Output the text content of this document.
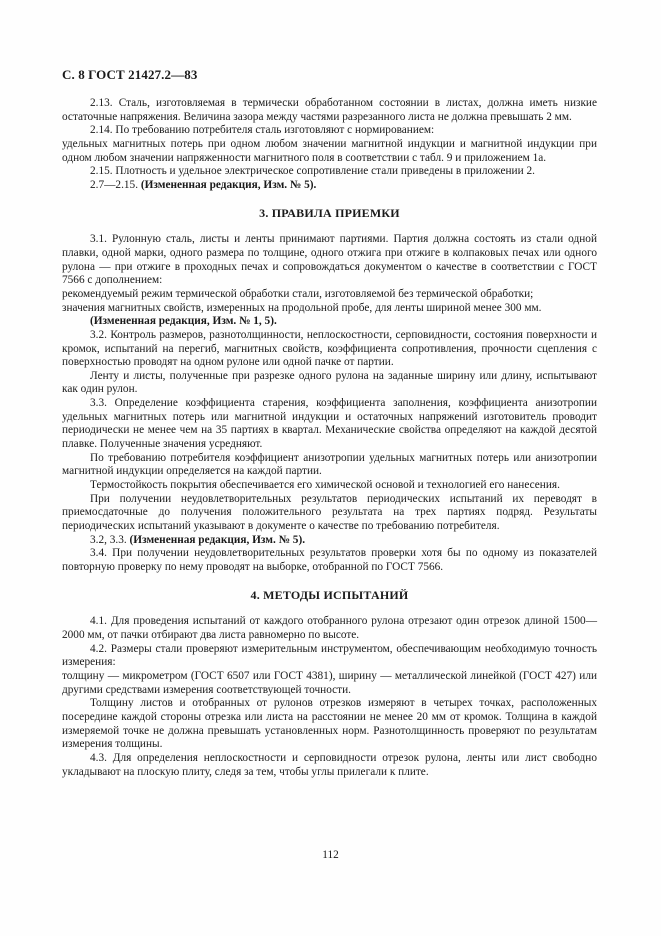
С. 8 ГОСТ 21427.2—83

2.13. Сталь, изготовляемая в термически обработанном состоянии в листах, должна иметь низкие остаточные напряжения. Величина зазора между частями разрезанного листа не должна превышать 2 мм.

2.14. По требованию потребителя сталь изготовляют с нормированием:

удельных магнитных потерь при одном любом значении магнитной индукции и магнитной индукции при одном любом значении напряженности магнитного поля в соответствии с табл. 9 и приложением 1а.

2.15. Плотность и удельное электрическое сопротивление стали приведены в приложении 2.

2.7—2.15. (Измененная редакция, Изм. № 5).

3. ПРАВИЛА ПРИЕМКИ

3.1. Рулонную сталь, листы и ленты принимают партиями. Партия должна состоять из стали одной плавки, одной марки, одного размера по толщине, одного отжига при отжиге в колпаковых печах или одного рулона — при отжиге в проходных печах и сопровождаться документом о качестве в соответствии с ГОСТ 7566 с дополнением:

рекомендуемый режим термической обработки стали, изготовляемой без термической обработки;

значения магнитных свойств, измеренных на продольной пробе, для ленты шириной менее 300 мм.

(Измененная редакция, Изм. № 1, 5).

3.2. Контроль размеров, разнотолщинности, неплоскостности, серповидности, состояния поверхности и кромок, испытаний на перегиб, магнитных свойств, коэффициента сопротивления, прочности сцепления с поверхностью проводят на одном рулоне или одной пачке от партии.

Ленту и листы, полученные при разрезке одного рулона на заданные ширину или длину, испытывают как один рулон.

3.3. Определение коэффициента старения, коэффициента заполнения, коэффициента анизотропии удельных магнитных потерь или магнитной индукции и остаточных напряжений изготовитель проводит периодически не менее чем на 35 партиях в квартал. Механические свойства определяют на каждой десятой плавке. Полученные значения усредняют.

По требованию потребителя коэффициент анизотропии удельных магнитных потерь или анизотропии магнитной индукции определяется на каждой партии.

Термостойкость покрытия обеспечивается его химической основой и технологией его нанесения.

При получении неудовлетворительных результатов периодических испытаний их переводят в приемосдаточные до получения положительного результата на трех партиях подряд. Результаты периодических испытаний указывают в документе о качестве по требованию потребителя.

3.2, 3.3. (Измененная редакция, Изм. № 5).

3.4. При получении неудовлетворительных результатов проверки хотя бы по одному из показателей повторную проверку по нему проводят на выборке, отобранной по ГОСТ 7566.

4. МЕТОДЫ ИСПЫТАНИЙ

4.1. Для проведения испытаний от каждого отобранного рулона отрезают один отрезок длиной 1500—2000 мм, от пачки отбирают два листа равномерно по высоте.

4.2. Размеры стали проверяют измерительным инструментом, обеспечивающим необходимую точность измерения:

толщину — микрометром (ГОСТ 6507 или ГОСТ 4381), ширину — металлической линейкой (ГОСТ 427) или другими средствами измерения соответствующей точности.

Толщину листов и отобранных от рулонов отрезков измеряют в четырех точках, расположенных посередине каждой стороны отрезка или листа на расстоянии не менее 20 мм от кромок. Толщина в каждой измеряемой точке не должна превышать установленных норм. Разнотолщинность проверяют по результатам измерения толщины.

4.3. Для определения неплоскостности и серповидности отрезок рулона, ленты или лист свободно укладывают на плоскую плиту, следя за тем, чтобы углы прилегали к плите.

112
